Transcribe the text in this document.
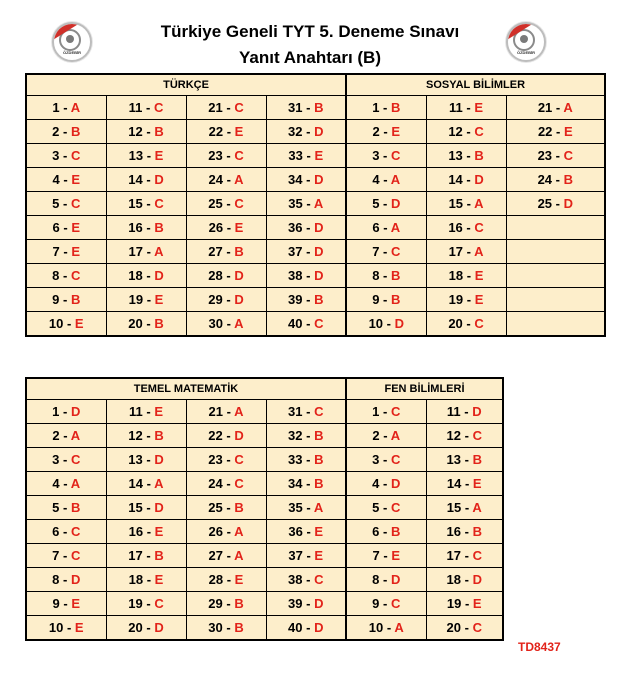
ÖZDEBİR	ÖZDEBİR
Türkiye Geneli TYT 5. Deneme Sınavı
Yanıt Anahtarı (B)
TÜRKÇE				SOSYAL BİLİMLER		
1 - A	11 - C	21 - C	31 - B	1 - B	11 - E	21 - A
2 - B	12 - B	22 - E	32 - D	2 - E	12 - C	22 - E
3 - C	13 - E	23 - C	33 - E	3 - C	13 - B	23 - C
4 - E	14 - D	24 - A	34 - D	4 - A	14 - D	24 - B
5 - C	15 - C	25 - C	35 - A	5 - D	15 - A	25 - D
6 - E	16 - B	26 - E	36 - D	6 - A	16 - C	
7 - E	17 - A	27 - B	37 - D	7 - C	17 - A	
8 - C	18 - D	28 - D	38 - D	8 - B	18 - E	
9 - B	19 - E	29 - D	39 - B	9 - B	19 - E	
10 - E	20 - B	30 - A	40 - C	10 - D	20 - C	
TEMEL MATEMATİK				FEN BİLİMLERİ	
1 - D	11 - E	21 - A	31 - C	1 - C	11 - D
2 - A	12 - B	22 - D	32 - B	2 - A	12 - C
3 - C	13 - D	23 - C	33 - B	3 - C	13 - B
4 - A	14 - A	24 - C	34 - B	4 - D	14 - E
5 - B	15 - D	25 - B	35 - A	5 - C	15 - A
6 - C	16 - E	26 - A	36 - E	6 - B	16 - B
7 - C	17 - B	27 - A	37 - E	7 - E	17 - C
8 - D	18 - E	28 - E	38 - C	8 - D	18 - D
9 - E	19 - C	29 - B	39 - D	9 - C	19 - E
10 - E	20 - D	30 - B	40 - D	10 - A	20 - C
TD8437
